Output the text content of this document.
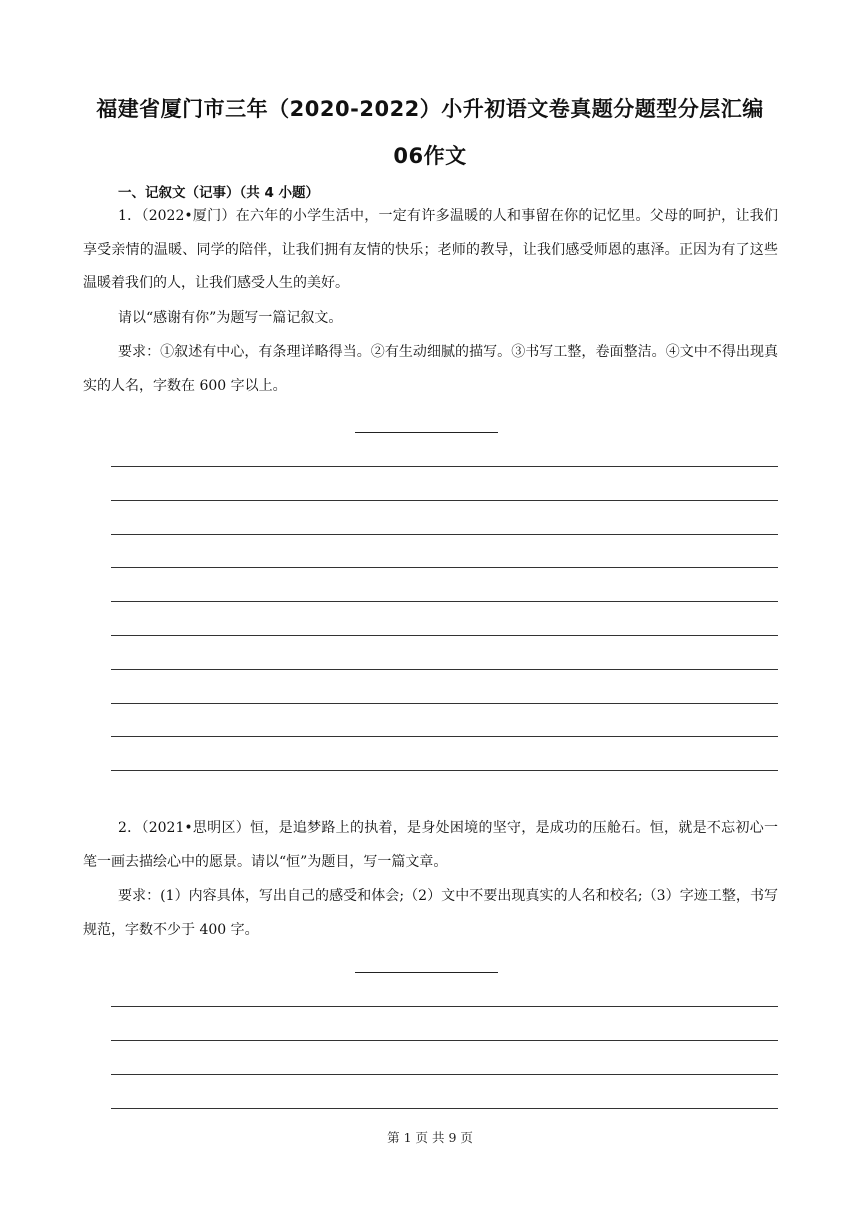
福建省厦门市三年（2020-2022）小升初语文卷真题分题型分层汇编
06作文
一、记叙文（记事）（共 4 小题）
1．（2022•厦门）在六年的小学生活中，一定有许多温暖的人和事留在你的记忆里。父母的呵护，让我们享受亲情的温暖、同学的陪伴，让我们拥有友情的快乐；老师的教导，让我们感受师恩的惠泽。正因为有了这些温暖着我们的人，让我们感受人生的美好。
请以“感谢有你”为题写一篇记叙文。
要求：①叙述有中心，有条理详略得当。②有生动细腻的描写。③书写工整，卷面整洁。④文中不得出现真实的人名，字数在 600 字以上。
2．（2021•思明区）恒，是追梦路上的执着，是身处困境的坚守，是成功的压舱石。恒，就是不忘初心一笔一画去描绘心中的愿景。请以“恒”为题目，写一篇文章。
要求：(1）内容具体，写出自己的感受和体会;（2）文中不要出现真实的人名和校名;（3）字迹工整，书写规范，字数不少于 400 字。
第 1 页 共 9 页
